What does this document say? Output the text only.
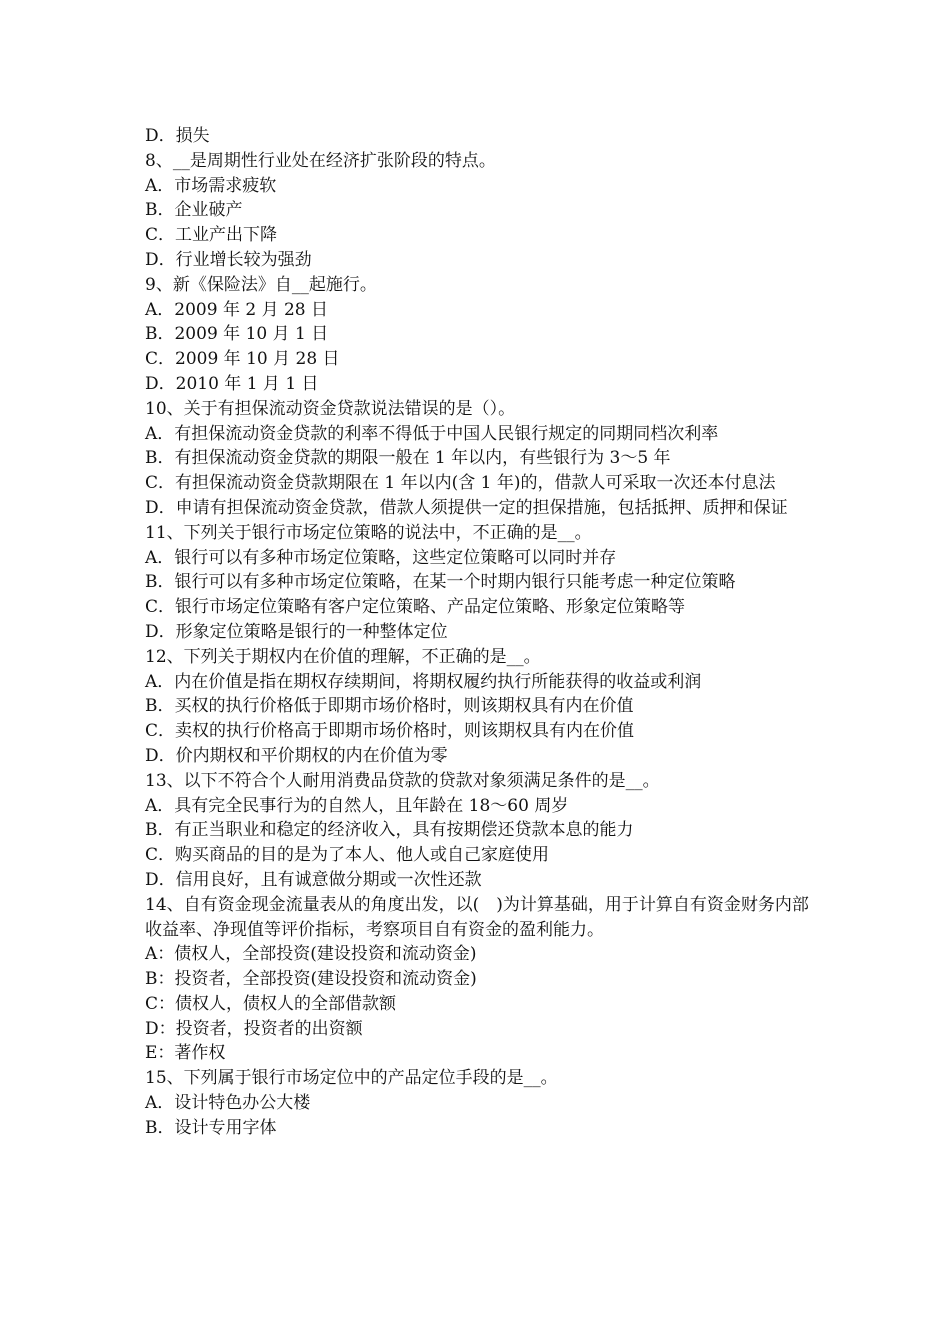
D．损失

8、__是周期性行业处在经济扩张阶段的特点。

A．市场需求疲软

B．企业破产

C．工业产出下降

D．行业增长较为强劲

9、新《保险法》自__起施行。

A．2009 年 2 月 28 日

B．2009 年 10 月 1 日

C．2009 年 10 月 28 日

D．2010 年 1 月 1 日

10、关于有担保流动资金贷款说法错误的是（）。

A．有担保流动资金贷款的利率不得低于中国人民银行规定的同期同档次利率

B．有担保流动资金贷款的期限一般在 1 年以内，有些银行为 3～5 年

C．有担保流动资金贷款期限在 1 年以内(含 1 年)的，借款人可采取一次还本付息法

D．申请有担保流动资金贷款，借款人须提供一定的担保措施，包括抵押、质押和保证

11、下列关于银行市场定位策略的说法中，不正确的是__。

A．银行可以有多种市场定位策略，这些定位策略可以同时并存

B．银行可以有多种市场定位策略，在某一个时期内银行只能考虑一种定位策略

C．银行市场定位策略有客户定位策略、产品定位策略、形象定位策略等

D．形象定位策略是银行的一种整体定位

12、下列关于期权内在价值的理解，不正确的是__。

A．内在价值是指在期权存续期间，将期权履约执行所能获得的收益或利润

B．买权的执行价格低于即期市场价格时，则该期权具有内在价值

C．卖权的执行价格高于即期市场价格时，则该期权具有内在价值

D．价内期权和平价期权的内在价值为零

13、以下不符合个人耐用消费品贷款的贷款对象须满足条件的是__。

A．具有完全民事行为的自然人，且年龄在 18～60 周岁

B．有正当职业和稳定的经济收入，具有按期偿还贷款本息的能力

C．购买商品的目的是为了本人、他人或自己家庭使用

D．信用良好，且有诚意做分期或一次性还款

14、自有资金现金流量表从的角度出发，以(　)为计算基础，用于计算自有资金财务内部收益率、净现值等评价指标，考察项目自有资金的盈利能力。

A：债权人，全部投资(建设投资和流动资金)

B：投资者，全部投资(建设投资和流动资金)

C：债权人，债权人的全部借款额

D：投资者，投资者的出资额

E：著作权

15、下列属于银行市场定位中的产品定位手段的是__。

A．设计特色办公大楼

B．设计专用字体
